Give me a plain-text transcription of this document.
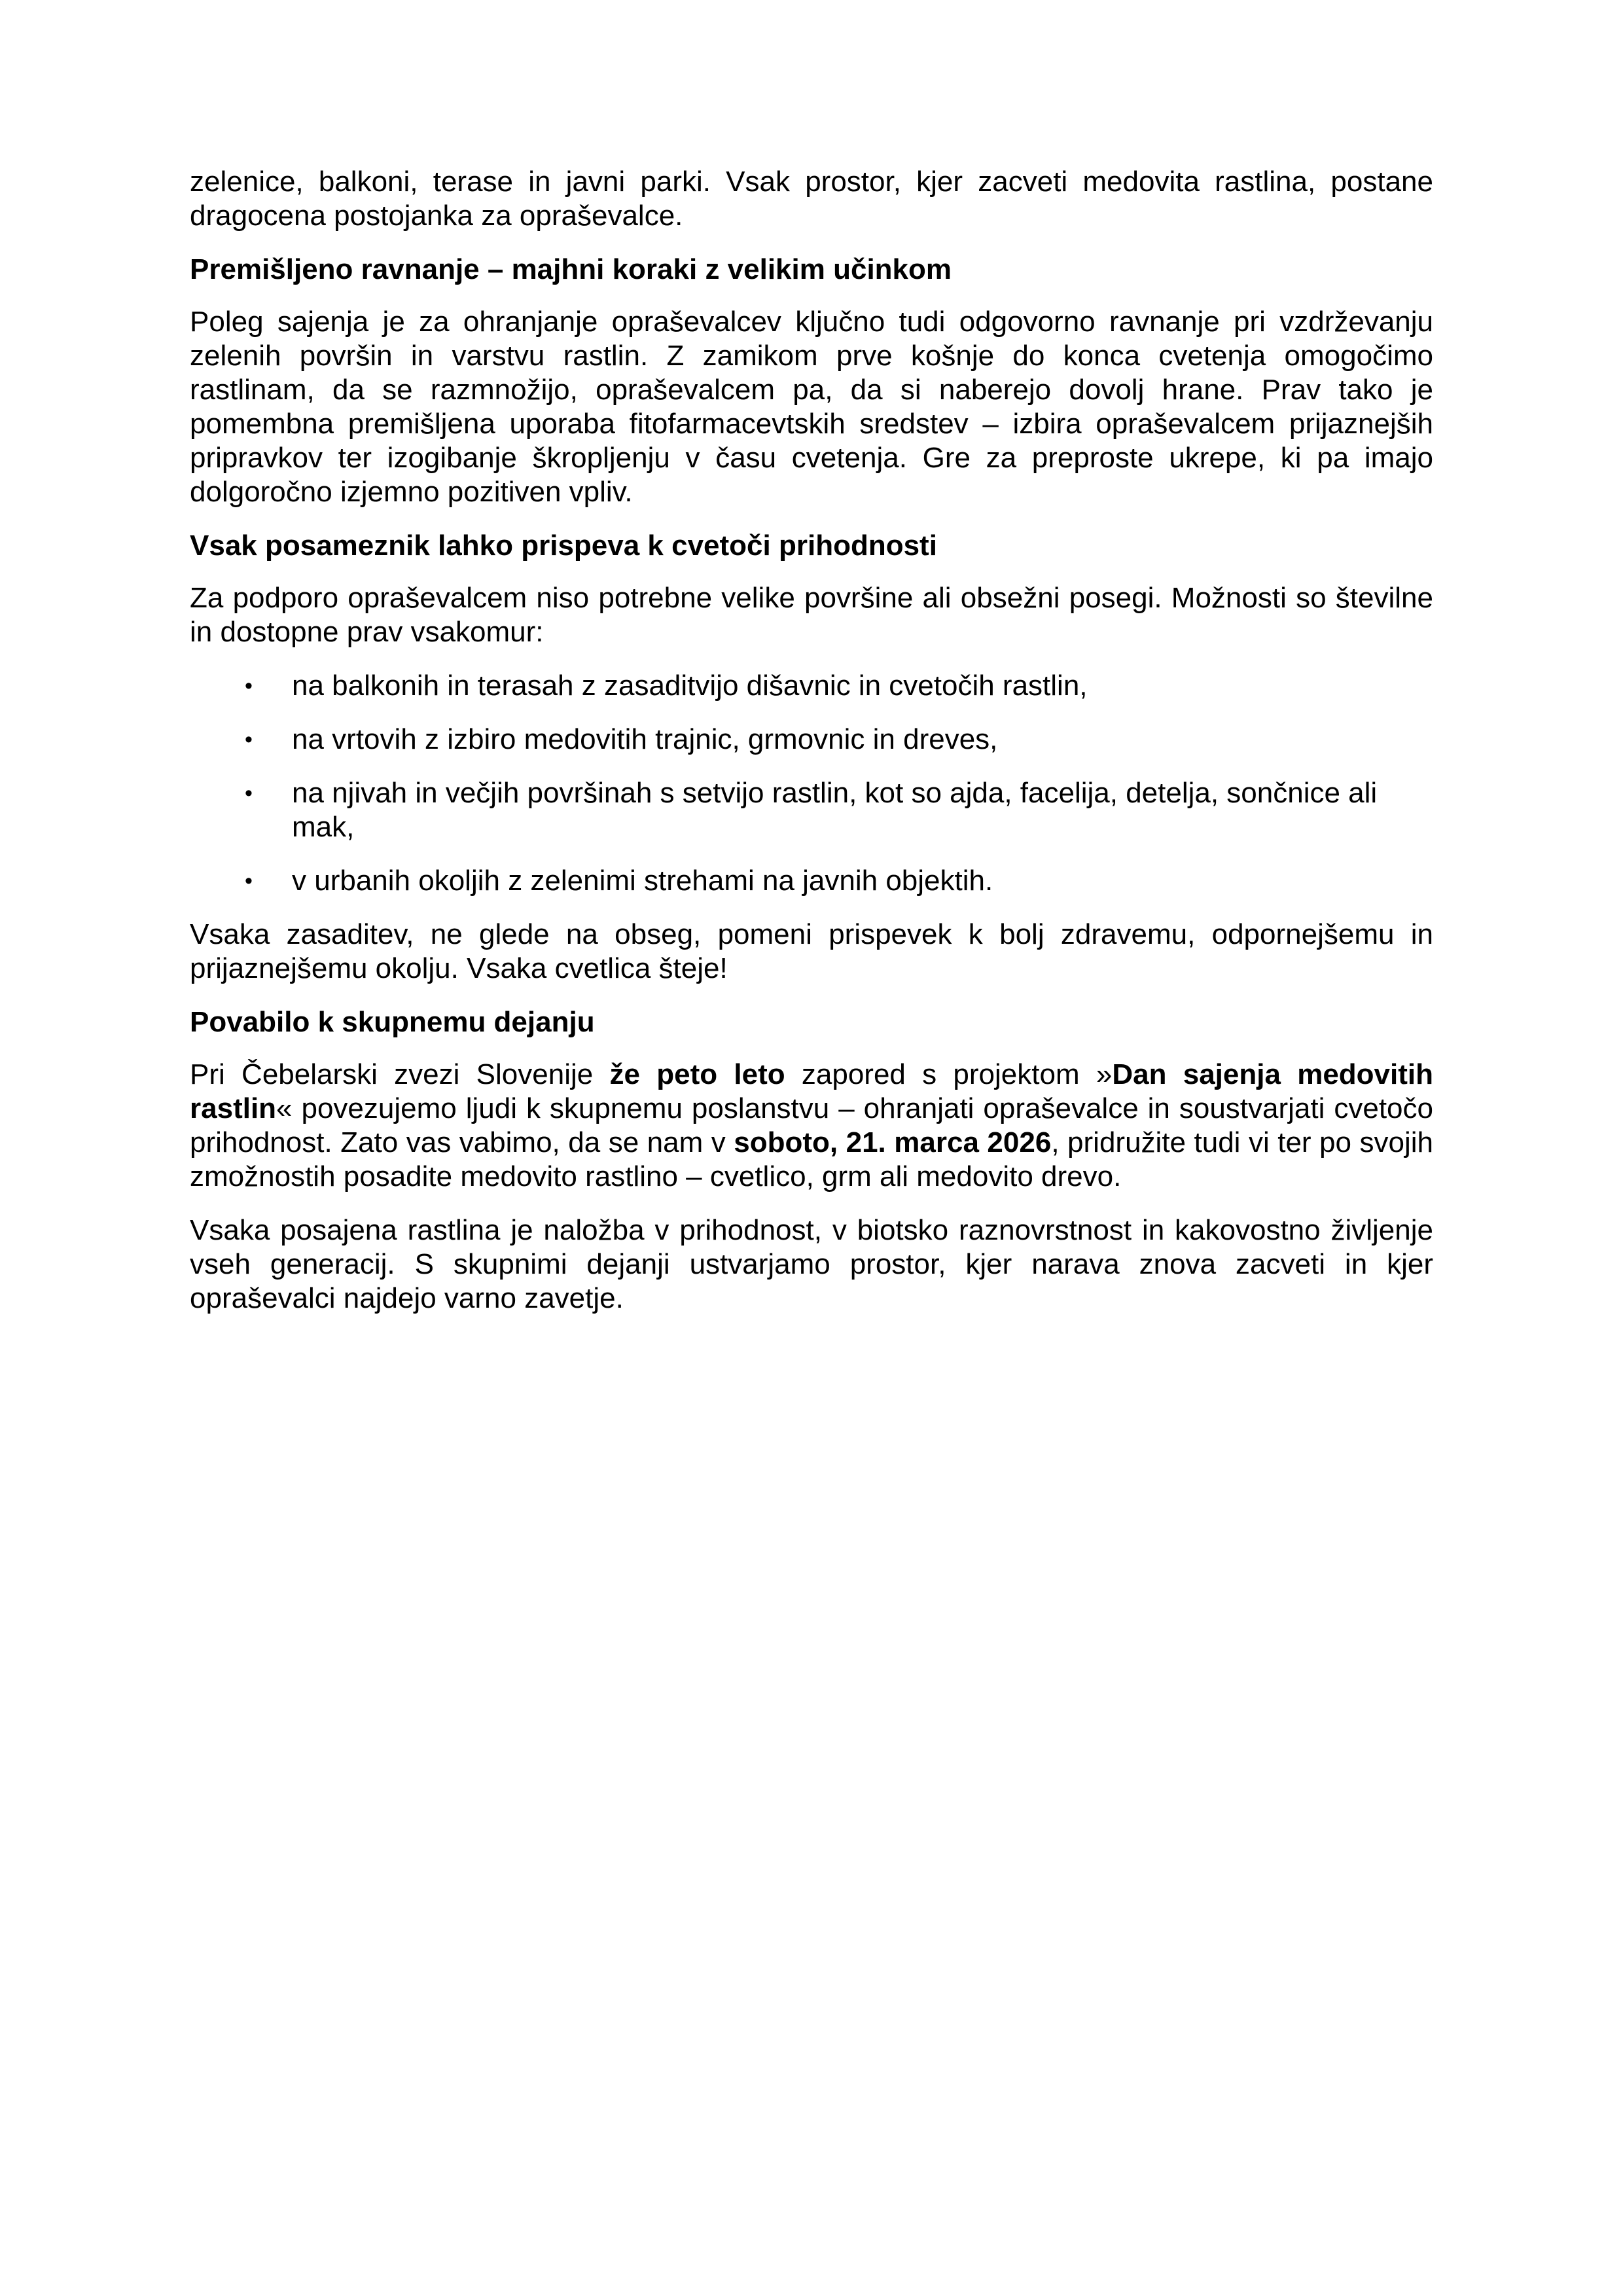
zelenice, balkoni, terase in javni parki. Vsak prostor, kjer zacveti medovita rastlina, postane dragocena postojanka za opraševalce.

Premišljeno ravnanje – majhni koraki z velikim učinkom

Poleg sajenja je za ohranjanje opraševalcev ključno tudi odgovorno ravnanje pri vzdrževanju zelenih površin in varstvu rastlin. Z zamikom prve košnje do konca cvetenja omogočimo rastlinam, da se razmnožijo, opraševalcem pa, da si naberejo dovolj hrane. Prav tako je pomembna premišljena uporaba fitofarmacevtskih sredstev – izbira opraševalcem prijaznejših pripravkov ter izogibanje škropljenju v času cvetenja. Gre za preproste ukrepe, ki pa imajo dolgoročno izjemno pozitiven vpliv.

Vsak posameznik lahko prispeva k cvetoči prihodnosti

Za podporo opraševalcem niso potrebne velike površine ali obsežni posegi. Možnosti so številne in dostopne prav vsakomur:

• na balkonih in terasah z zasaditvijo dišavnic in cvetočih rastlin,
• na vrtovih z izbiro medovitih trajnic, grmovnic in dreves,
• na njivah in večjih površinah s setvijo rastlin, kot so ajda, facelija, detelja, sončnice ali mak,
• v urbanih okoljih z zelenimi strehami na javnih objektih.

Vsaka zasaditev, ne glede na obseg, pomeni prispevek k bolj zdravemu, odpornejšemu in prijaznejšemu okolju. Vsaka cvetlica šteje!

Povabilo k skupnemu dejanju

Pri Čebelarski zvezi Slovenije že peto leto zapored s projektom »Dan sajenja medovitih rastlin« povezujemo ljudi k skupnemu poslanstvu – ohranjati opraševalce in soustvarjati cvetočo prihodnost. Zato vas vabimo, da se nam v soboto, 21. marca 2026, pridružite tudi vi ter po svojih zmožnostih posadite medovito rastlino – cvetlico, grm ali medovito drevo.

Vsaka posajena rastlina je naložba v prihodnost, v biotsko raznovrstnost in kakovostno življenje vseh generacij. S skupnimi dejanji ustvarjamo prostor, kjer narava znova zacveti in kjer opraševalci najdejo varno zavetje.
